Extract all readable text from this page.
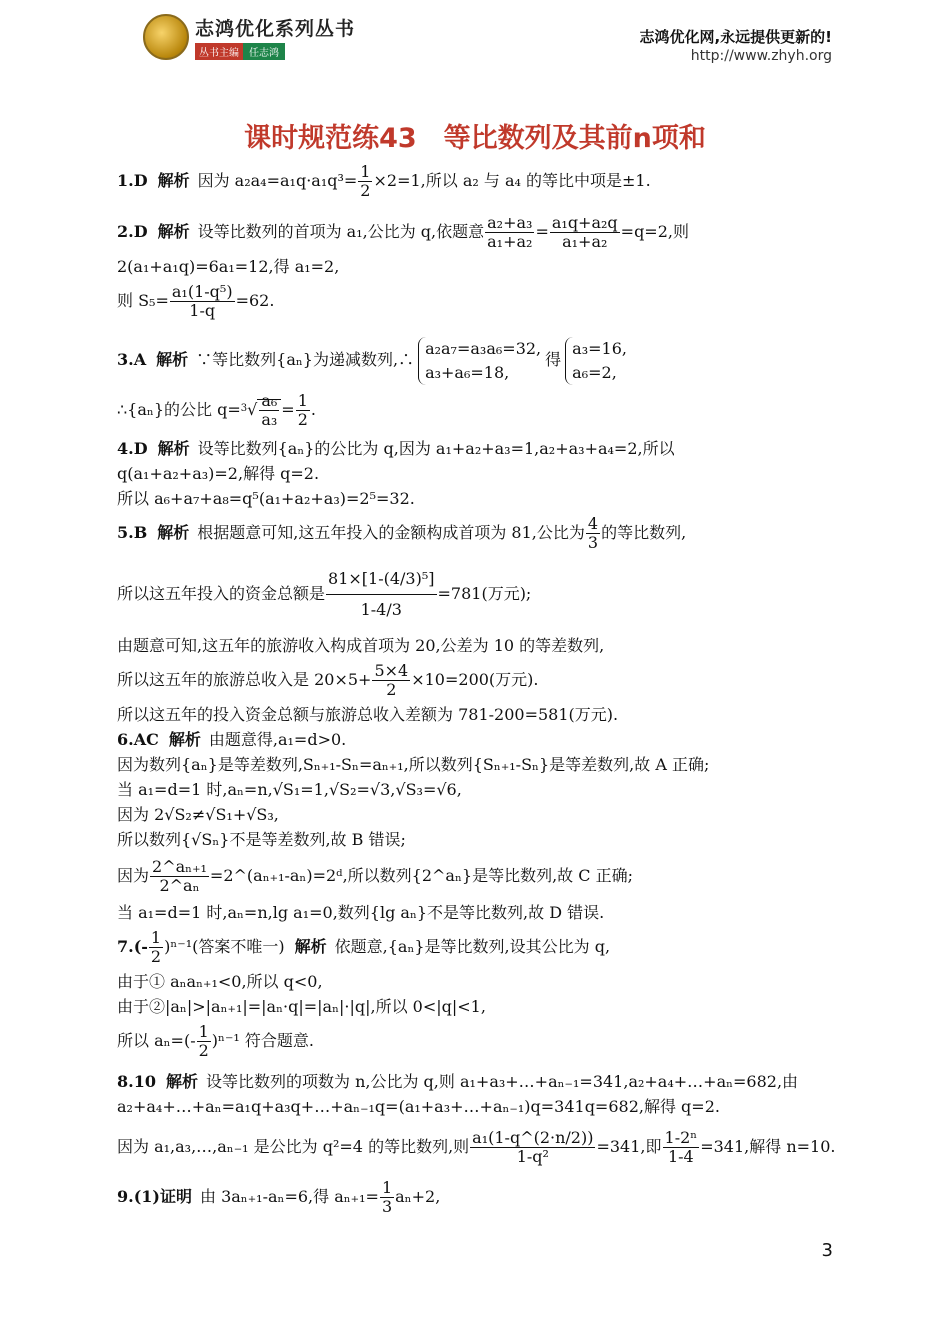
志鸿优化系列丛书
丛书主编	任志鸿
志鸿优化网,永远提供更新的!
http://www.zhyh.org
课时规范练43　等比数列及其前n项和
1.D 解析 因为 $a_2a_4=a_1q\cdot a_1q^3= \frac{1}{2} \times 2=1$,所以 a₂ 与 a₄ 的等比中项是±1.
2.D 解析 设等比数列的首项为 a₁,公比为 q,依题意 $\frac{\text{a₂+a₃}}{\text{a₁+a₂}} = \frac{\text{a₁q+a₂q}}{\text{a₁+a₂}} =q=2$,则
2(a₁+a₁q)=6a₁=12,得 a₁=2,
则 $S_5= \frac{\text{a₁(1-q⁵)}}{1-q} =62$.
3.A 解析 ∵等比数列{aₙ}为递减数列,∴
a₂a₇=a₃a₆=32,
a₃+a₆=18,
得
a₃=16,
a₆=2,
∴{aₙ}的公比 $q=^3√ \frac{\text{a₆}}{\text{a₃}} = \frac{1}{2}$ .
4.D 解析 设等比数列{aₙ}的公比为 q,因为 a₁+a₂+a₃=1,a₂+a₃+a₄=2,所以
q(a₁+a₂+a₃)=2,解得 q=2.
所以 a₆+a₇+a₈=q⁵(a₁+a₂+a₃)=2⁵=32.
5.B 解析 根据题意可知,这五年投入的金额构成首项为 81,公比为 $\frac{4}{3}$ 的等比数列,
所以这五年投入的资金总额是 $\frac{\text{81×[1-(4/3)⁵]}}{1-4/3} =781$(万元);
由题意可知,这五年的旅游收入构成首项为 20,公差为 10 的等差数列,
所以这五年的旅游总收入是 $20\times 5+ \frac{5\times 4}{2} \times 10=200$(万元).
所以这五年的投入资金总额与旅游总收入差额为 781-200=581(万元).
6.AC 解析 由题意得,a₁=d>0.
因为数列{aₙ}是等差数列,Sₙ₊₁-Sₙ=aₙ₊₁,所以数列{Sₙ₊₁-Sₙ}是等差数列,故 A 正确;
当 a₁=d=1 时,aₙ=n,√S₁=1,√S₂=√3,√S₃=√6,
因为 2√S₂≠√S₁+√S₃,
所以数列{√Sₙ}不是等差数列,故 B 错误;
因为 $\frac{\text{2\textasciicircum{}aₙ₊₁}}{\text{2\textasciicircum{}aₙ}}$ =2^(aₙ₊₁-aₙ)=2ᵈ,所以数列{2^aₙ}是等比数列,故 C 正确;
当 a₁=d=1 时,aₙ=n,lg a₁=0,数列{lg aₙ}不是等比数列,故 D 错误.
$7.(- \frac{1}{2} )^{n-1}$(答案不唯一) 解析 依题意,{aₙ}是等比数列,设其公比为 q,
由于① aₙaₙ₊₁<0,所以 q<0,
由于②|aₙ|>|aₙ₊₁|=|aₙ·q|=|aₙ|·|q|,所以 0<|q|<1,
所以 $a_n=(- \frac{1}{2} )^{n-1}$ 符合题意.
8.10 解析 设等比数列的项数为 n,公比为 q,则 a₁+a₃+…+aₙ₋₁=341,a₂+a₄+…+aₙ=682,由
a₂+a₄+…+aₙ=a₁q+a₃q+…+aₙ₋₁q=(a₁+a₃+…+aₙ₋₁)q=341q=682,解得 q=2.
因为 a₁,a₃,…,aₙ₋₁ 是公比为 q²=4 的等比数列,则 $\frac{\text{a₁(1-q\textasciicircum{}(2·n/2))}}{\text{1-q²}} =341$,即 $\frac{\text{1-2ⁿ}}{1-4} =341$,解得 n=10.
9.(1)证明 由 3aₙ₊₁-aₙ=6,得 $a_{n+1}= \frac{1}{3} a_n+2$,
3
